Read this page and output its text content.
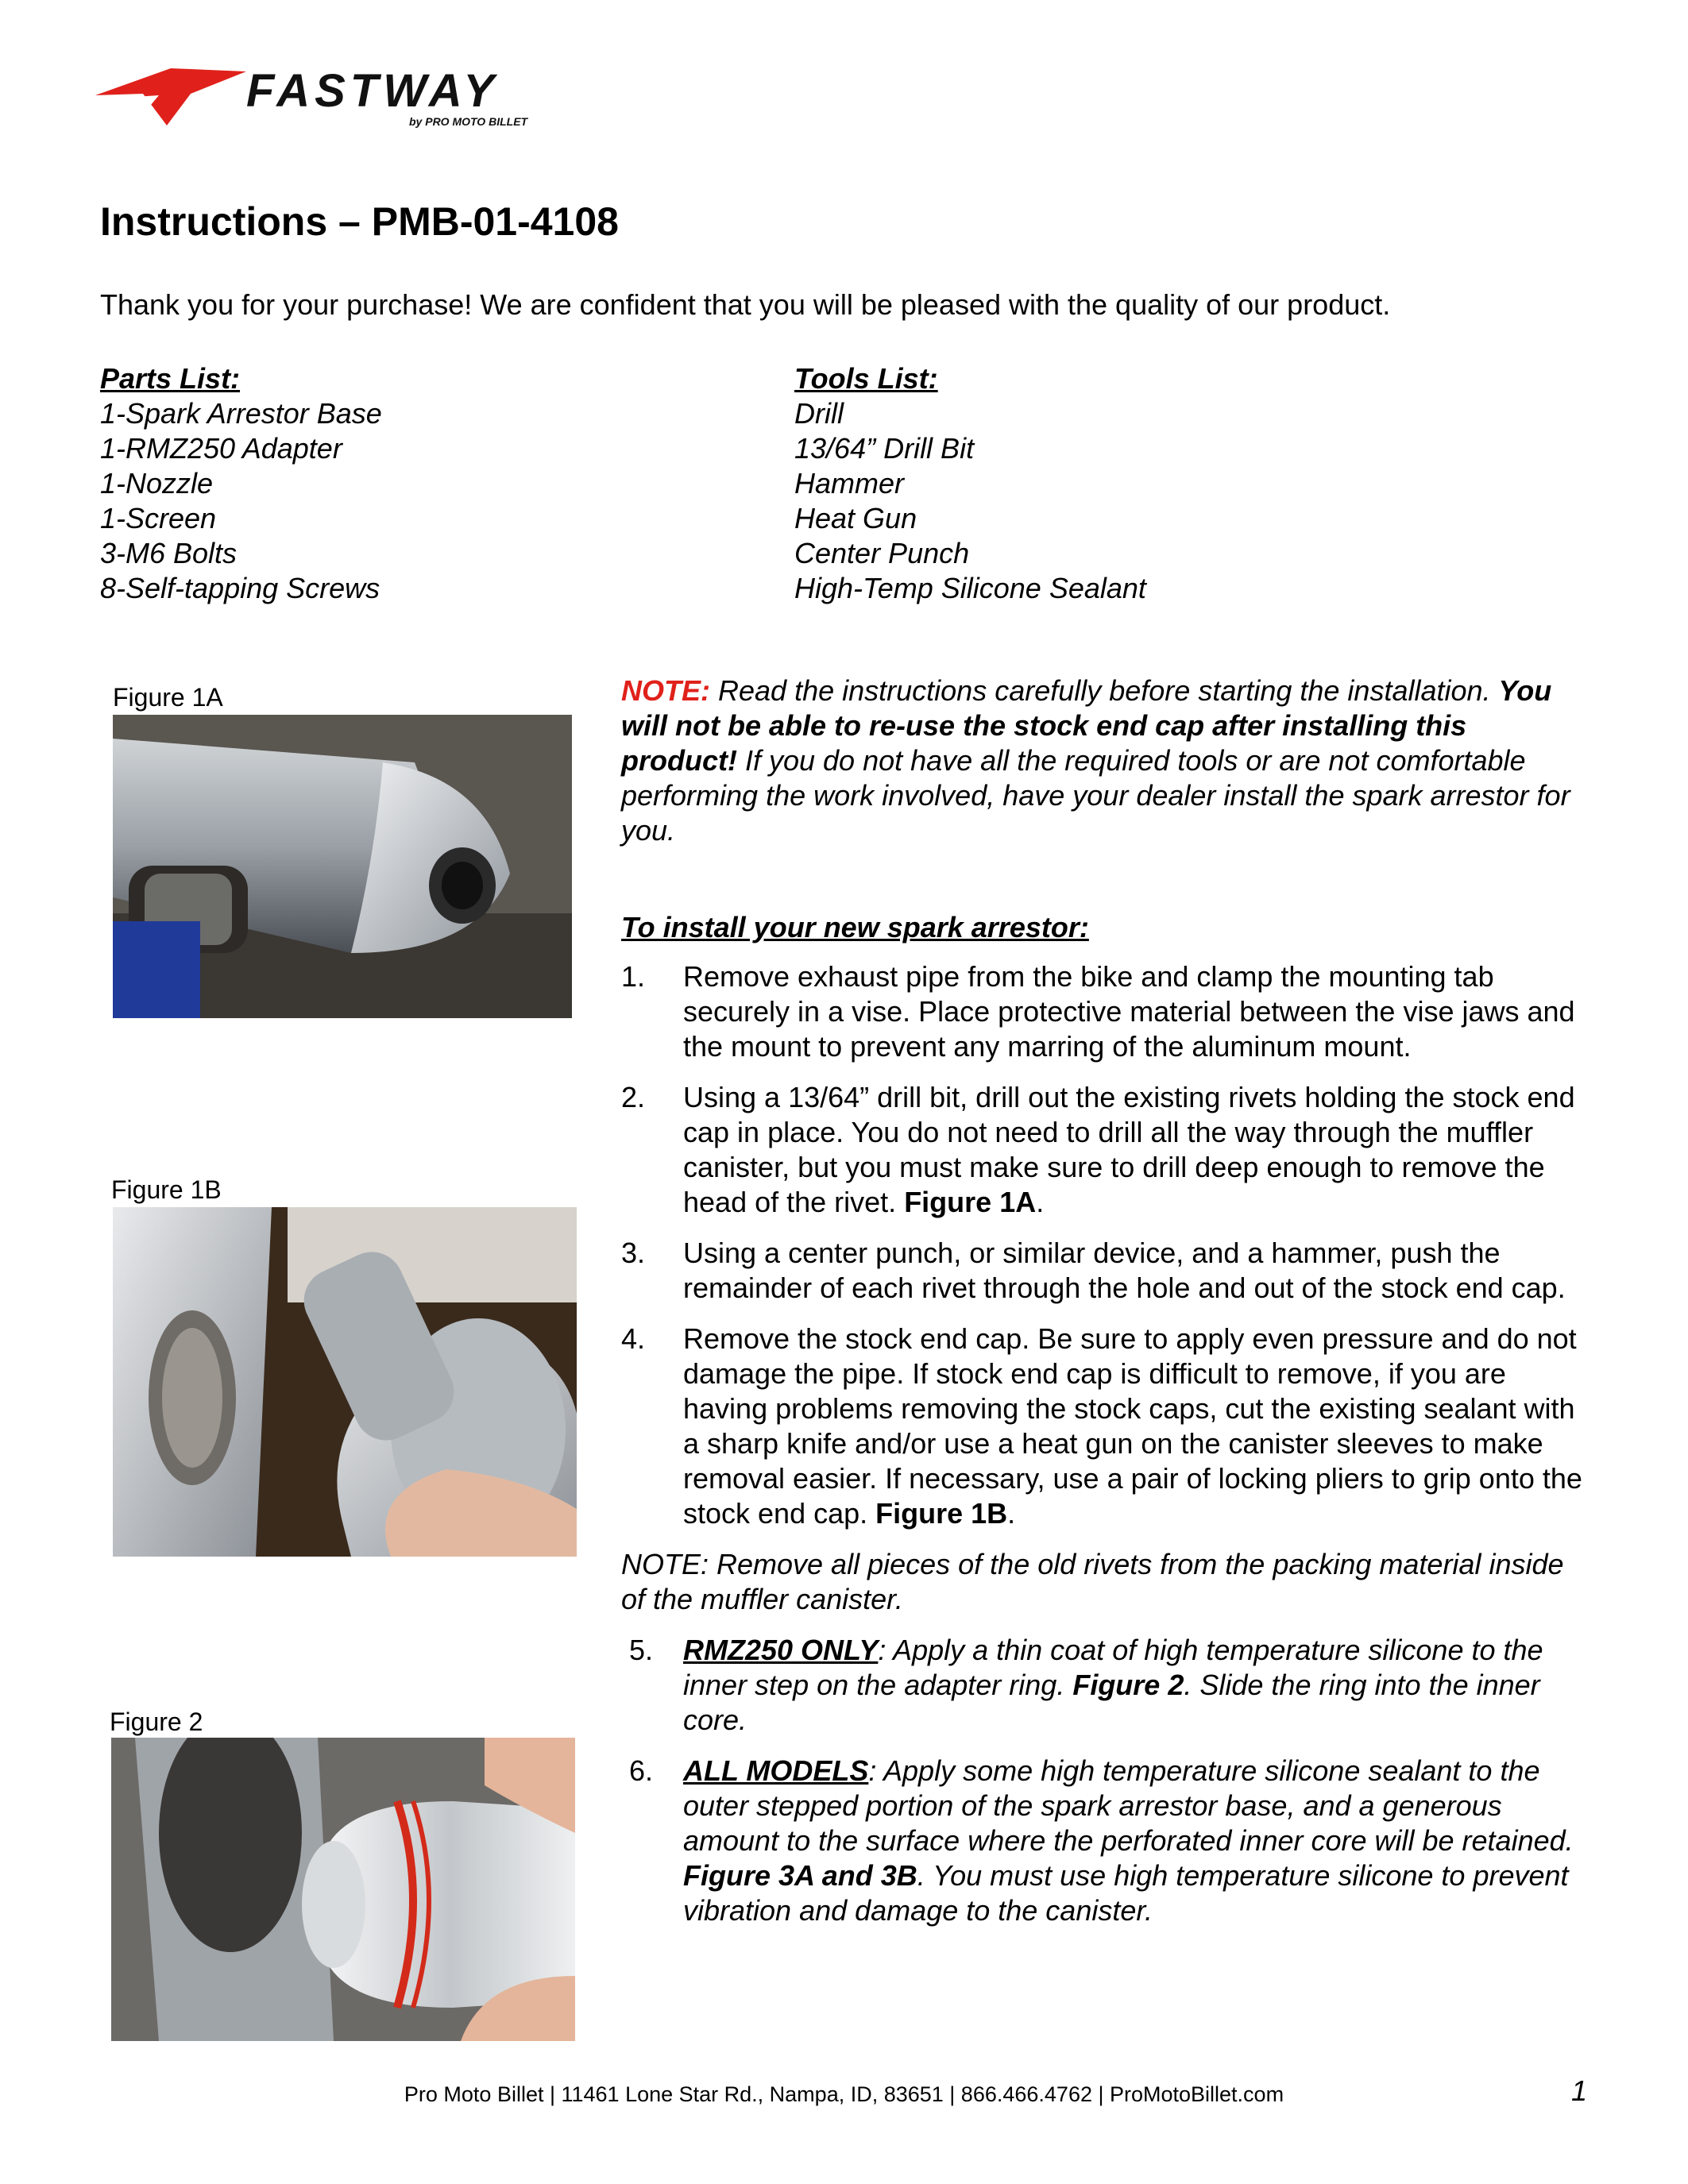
FASTWAY
by PRO MOTO BILLET
Instructions – PMB-01-4108
Thank you for your purchase! We are confident that you will be pleased with the quality of our product.
Parts List:
1-Spark Arrestor Base
1-RMZ250 Adapter
1-Nozzle
1-Screen
3-M6 Bolts
8-Self-tapping Screws
Tools List:
Drill
13/64” Drill Bit
Hammer
Heat Gun
Center Punch
High-Temp Silicone Sealant
Figure 1A
Figure 1B
Figure 2

NOTE: Read the instructions carefully before starting the installation. You will not be able to re-use the stock end cap after installing this product! If you do not have all the required tools or are not comfortable performing the work involved, have your dealer install the spark arrestor for you.

To install your new spark arrestor:

1. Remove exhaust pipe from the bike and clamp the mounting tab securely in a vise. Place protective material between the vise jaws and the mount to prevent any marring of the aluminum mount.
2. Using a 13/64” drill bit, drill out the existing rivets holding the stock end cap in place. You do not need to drill all the way through the muffler canister, but you must make sure to drill deep enough to remove the head of the rivet. Figure 1A.
3. Using a center punch, or similar device, and a hammer, push the remainder of each rivet through the hole and out of the stock end cap.
4. Remove the stock end cap. Be sure to apply even pressure and do not damage the pipe. If stock end cap is difficult to remove, if you are having problems removing the stock caps, cut the existing sealant with a sharp knife and/or use a heat gun on the canister sleeves to make removal easier. If necessary, use a pair of locking pliers to grip onto the stock end cap. Figure 1B.

NOTE: Remove all pieces of the old rivets from the packing material inside of the muffler canister.

5. RMZ250 ONLY: Apply a thin coat of high temperature silicone to the inner step on the adapter ring. Figure 2. Slide the ring into the inner core.
6. ALL MODELS: Apply some high temperature silicone sealant to the outer stepped portion of the spark arrestor base, and a generous amount to the surface where the perforated inner core will be retained. Figure 3A and 3B. You must use high temperature silicone to prevent vibration and damage to the canister.
Pro Moto Billet | 11461 Lone Star Rd., Nampa, ID, 83651 | 866.466.4762 | ProMotoBillet.com	1
